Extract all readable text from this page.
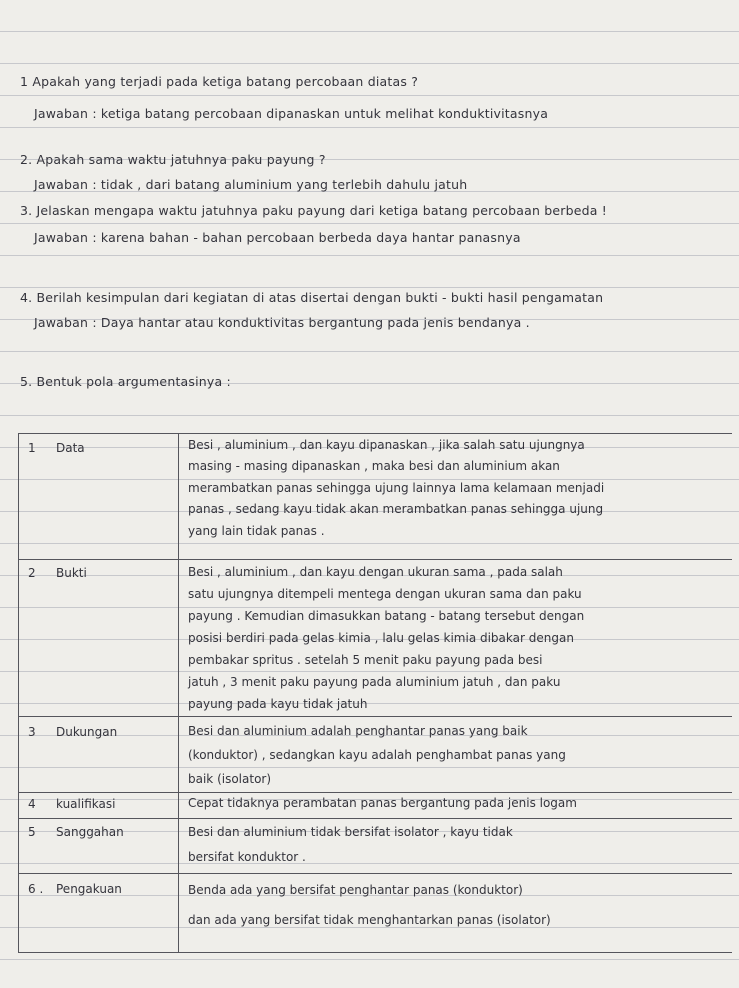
1 Apakah yang terjadi pada ketiga batang percobaan diatas ?
Jawaban : ketiga batang percobaan dipanaskan untuk melihat konduktivitasnya
2. Apakah sama waktu jatuhnya paku payung ?
Jawaban : tidak , dari batang aluminium yang terlebih dahulu jatuh
3. Jelaskan mengapa waktu jatuhnya paku payung dari ketiga batang percobaan berbeda !
Jawaban : karena bahan - bahan percobaan berbeda daya hantar panasnya
4. Berilah kesimpulan dari kegiatan di atas disertai dengan bukti - bukti hasil pengamatan
Jawaban : Daya hantar atau konduktivitas bergantung pada jenis bendanya .
5. Bentuk pola argumentasinya :
1 Data	Besi , aluminium , dan kayu dipanaskan , jika salah satu ujungnya
masing - masing dipanaskan , maka besi dan aluminium akan
merambatkan panas sehingga ujung lainnya lama kelamaan menjadi
panas , sedang kayu tidak akan merambatkan panas sehingga ujung
yang lain tidak panas .
2 Bukti	Besi , aluminium , dan kayu dengan ukuran sama , pada salah
satu ujungnya ditempeli mentega dengan ukuran sama dan paku
payung . Kemudian dimasukkan batang - batang tersebut dengan
posisi berdiri pada gelas kimia , lalu gelas kimia dibakar dengan
pembakar spritus . setelah 5 menit paku payung pada besi
jatuh , 3 menit paku payung pada aluminium jatuh , dan paku
payung pada kayu tidak jatuh
3 Dukungan	Besi dan aluminium adalah penghantar panas yang baik
(konduktor) , sedangkan kayu adalah penghambat panas yang
baik (isolator)
4 kualifikasi	Cepat tidaknya perambatan panas bergantung pada jenis logam
5 Sanggahan	Besi dan aluminium tidak bersifat isolator , kayu tidak
bersifat konduktor .
6 . Pengakuan	Benda ada yang bersifat penghantar panas (konduktor)
dan ada yang bersifat tidak menghantarkan panas (isolator)
